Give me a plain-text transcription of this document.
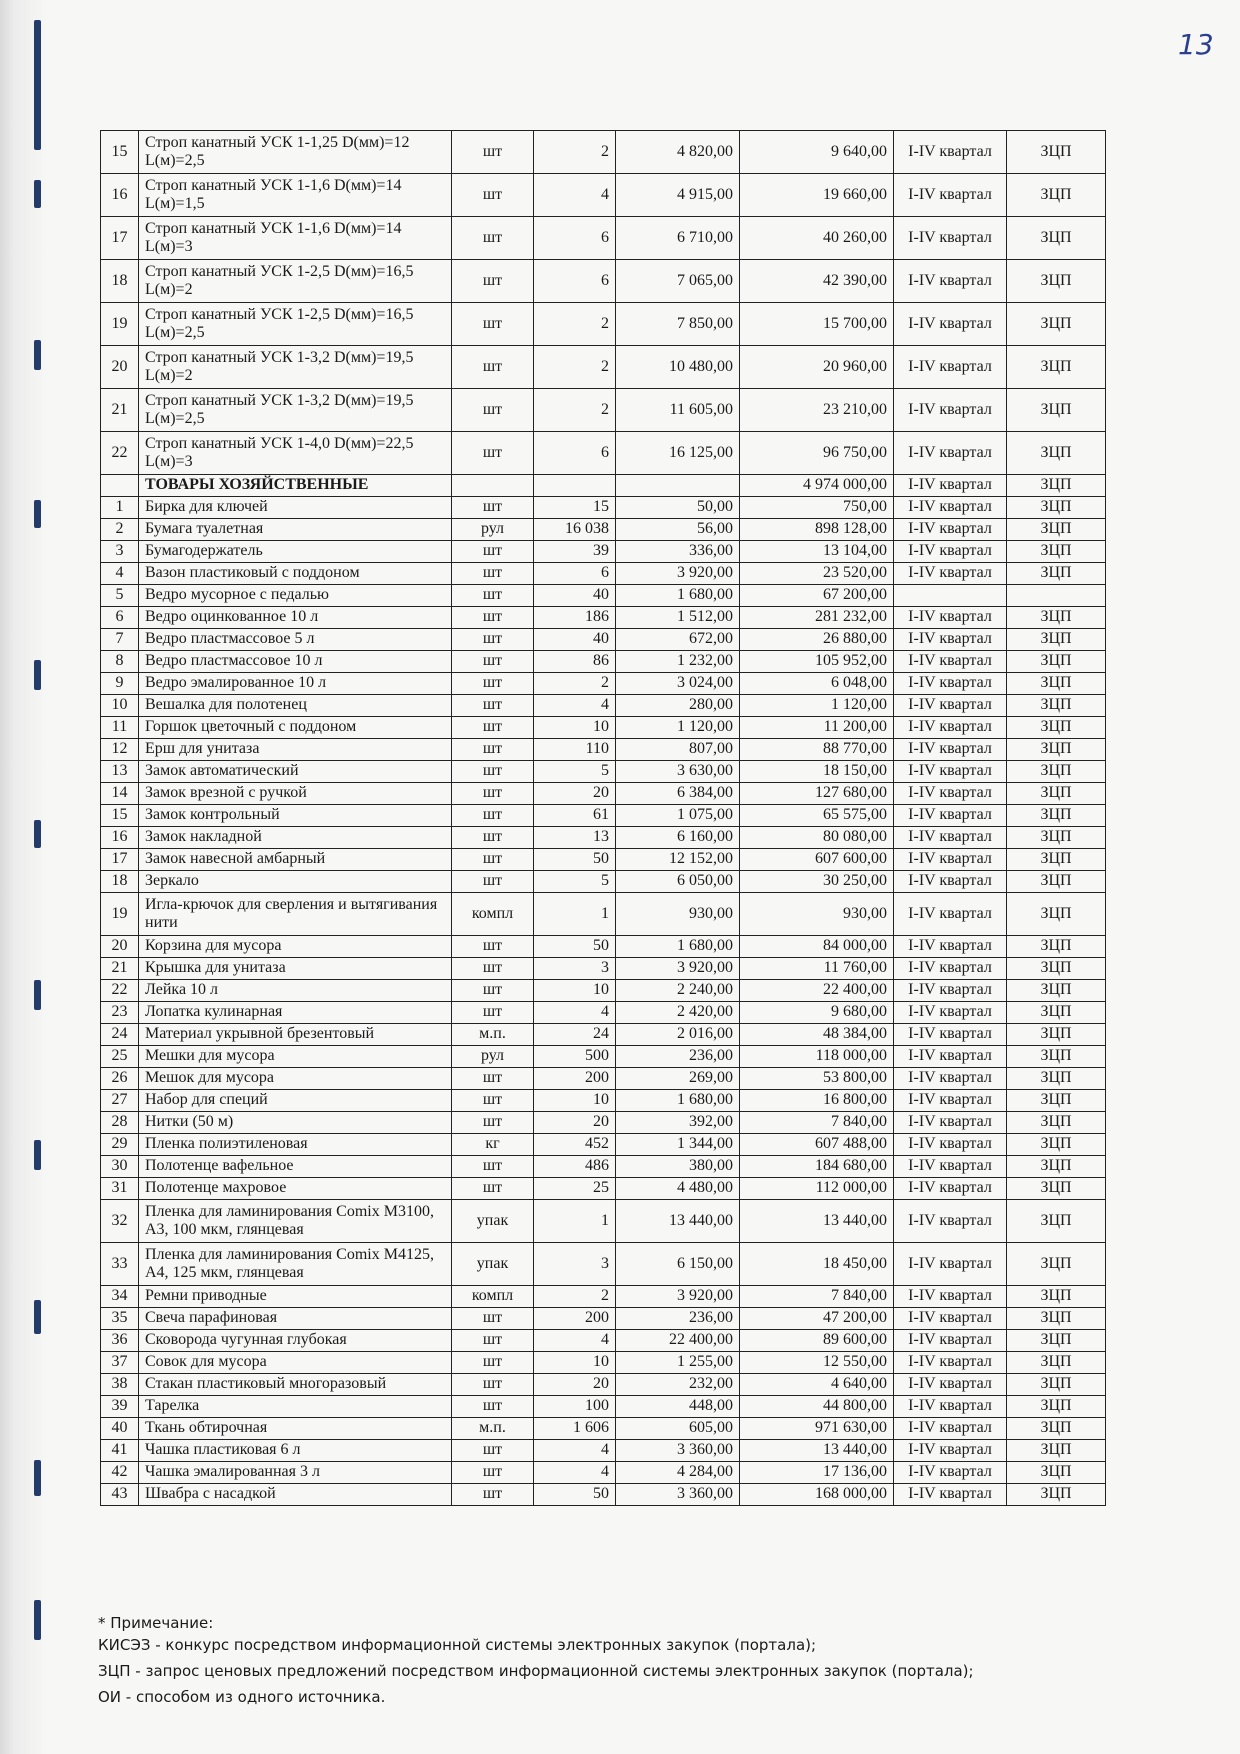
13
15	Строп канатный УСК 1-1,25 D(мм)=12 L(м)=2,5	шт	2	4 820,00	9 640,00	I-IV квартал	ЗЦП
16	Строп канатный УСК 1-1,6 D(мм)=14 L(м)=1,5	шт	4	4 915,00	19 660,00	I-IV квартал	ЗЦП
17	Строп канатный УСК 1-1,6 D(мм)=14 L(м)=3	шт	6	6 710,00	40 260,00	I-IV квартал	ЗЦП
18	Строп канатный УСК 1-2,5 D(мм)=16,5 L(м)=2	шт	6	7 065,00	42 390,00	I-IV квартал	ЗЦП
19	Строп канатный УСК 1-2,5 D(мм)=16,5 L(м)=2,5	шт	2	7 850,00	15 700,00	I-IV квартал	ЗЦП
20	Строп канатный УСК 1-3,2 D(мм)=19,5 L(м)=2	шт	2	10 480,00	20 960,00	I-IV квартал	ЗЦП
21	Строп канатный УСК 1-3,2 D(мм)=19,5 L(м)=2,5	шт	2	11 605,00	23 210,00	I-IV квартал	ЗЦП
22	Строп канатный УСК 1-4,0 D(мм)=22,5 L(м)=3	шт	6	16 125,00	96 750,00	I-IV квартал	ЗЦП
	ТОВАРЫ ХОЗЯЙСТВЕННЫЕ				4 974 000,00	I-IV квартал	ЗЦП
1	Бирка для ключей	шт	15	50,00	750,00	I-IV квартал	ЗЦП
2	Бумага туалетная	рул	16 038	56,00	898 128,00	I-IV квартал	ЗЦП
3	Бумагодержатель	шт	39	336,00	13 104,00	I-IV квартал	ЗЦП
4	Вазон пластиковый с поддоном	шт	6	3 920,00	23 520,00	I-IV квартал	ЗЦП
5	Ведро мусорное с педалью	шт	40	1 680,00	67 200,00		
6	Ведро оцинкованное 10 л	шт	186	1 512,00	281 232,00	I-IV квартал	ЗЦП
7	Ведро пластмассовое 5 л	шт	40	672,00	26 880,00	I-IV квартал	ЗЦП
8	Ведро пластмассовое 10 л	шт	86	1 232,00	105 952,00	I-IV квартал	ЗЦП
9	Ведро эмалированное 10 л	шт	2	3 024,00	6 048,00	I-IV квартал	ЗЦП
10	Вешалка для полотенец	шт	4	280,00	1 120,00	I-IV квартал	ЗЦП
11	Горшок цветочный с поддоном	шт	10	1 120,00	11 200,00	I-IV квартал	ЗЦП
12	Ерш для унитаза	шт	110	807,00	88 770,00	I-IV квартал	ЗЦП
13	Замок автоматический	шт	5	3 630,00	18 150,00	I-IV квартал	ЗЦП
14	Замок врезной с ручкой	шт	20	6 384,00	127 680,00	I-IV квартал	ЗЦП
15	Замок контрольный	шт	61	1 075,00	65 575,00	I-IV квартал	ЗЦП
16	Замок накладной	шт	13	6 160,00	80 080,00	I-IV квартал	ЗЦП
17	Замок навесной амбарный	шт	50	12 152,00	607 600,00	I-IV квартал	ЗЦП
18	Зеркало	шт	5	6 050,00	30 250,00	I-IV квартал	ЗЦП
19	Игла-крючок для сверления и вытягивания нити	компл	1	930,00	930,00	I-IV квартал	ЗЦП
20	Корзина для мусора	шт	50	1 680,00	84 000,00	I-IV квартал	ЗЦП
21	Крышка для унитаза	шт	3	3 920,00	11 760,00	I-IV квартал	ЗЦП
22	Лейка 10 л	шт	10	2 240,00	22 400,00	I-IV квартал	ЗЦП
23	Лопатка кулинарная	шт	4	2 420,00	9 680,00	I-IV квартал	ЗЦП
24	Материал укрывной брезентовый	м.п.	24	2 016,00	48 384,00	I-IV квартал	ЗЦП
25	Мешки для мусора	рул	500	236,00	118 000,00	I-IV квартал	ЗЦП
26	Мешок для мусора	шт	200	269,00	53 800,00	I-IV квартал	ЗЦП
27	Набор для специй	шт	10	1 680,00	16 800,00	I-IV квартал	ЗЦП
28	Нитки (50 м)	шт	20	392,00	7 840,00	I-IV квартал	ЗЦП
29	Пленка полиэтиленовая	кг	452	1 344,00	607 488,00	I-IV квартал	ЗЦП
30	Полотенце вафельное	шт	486	380,00	184 680,00	I-IV квартал	ЗЦП
31	Полотенце махровое	шт	25	4 480,00	112 000,00	I-IV квартал	ЗЦП
32	Пленка для ламинирования Comix M3100, A3, 100 мкм, глянцевая	упак	1	13 440,00	13 440,00	I-IV квартал	ЗЦП
33	Пленка для ламинирования Comix M4125, A4, 125 мкм, глянцевая	упак	3	6 150,00	18 450,00	I-IV квартал	ЗЦП
34	Ремни приводные	компл	2	3 920,00	7 840,00	I-IV квартал	ЗЦП
35	Свеча парафиновая	шт	200	236,00	47 200,00	I-IV квартал	ЗЦП
36	Сковорода чугунная глубокая	шт	4	22 400,00	89 600,00	I-IV квартал	ЗЦП
37	Совок для мусора	шт	10	1 255,00	12 550,00	I-IV квартал	ЗЦП
38	Стакан пластиковый многоразовый	шт	20	232,00	4 640,00	I-IV квартал	ЗЦП
39	Тарелка	шт	100	448,00	44 800,00	I-IV квартал	ЗЦП
40	Ткань обтирочная	м.п.	1 606	605,00	971 630,00	I-IV квартал	ЗЦП
41	Чашка пластиковая 6 л	шт	4	3 360,00	13 440,00	I-IV квартал	ЗЦП
42	Чашка эмалированная 3 л	шт	4	4 284,00	17 136,00	I-IV квартал	ЗЦП
43	Швабра с насадкой	шт	50	3 360,00	168 000,00	I-IV квартал	ЗЦП
* Примечание:
КИСЭЗ - конкурс посредством информационной системы электронных закупок (портала);
ЗЦП - запрос ценовых предложений посредством информационной системы электронных закупок (портала);
ОИ - способом из одного источника.
